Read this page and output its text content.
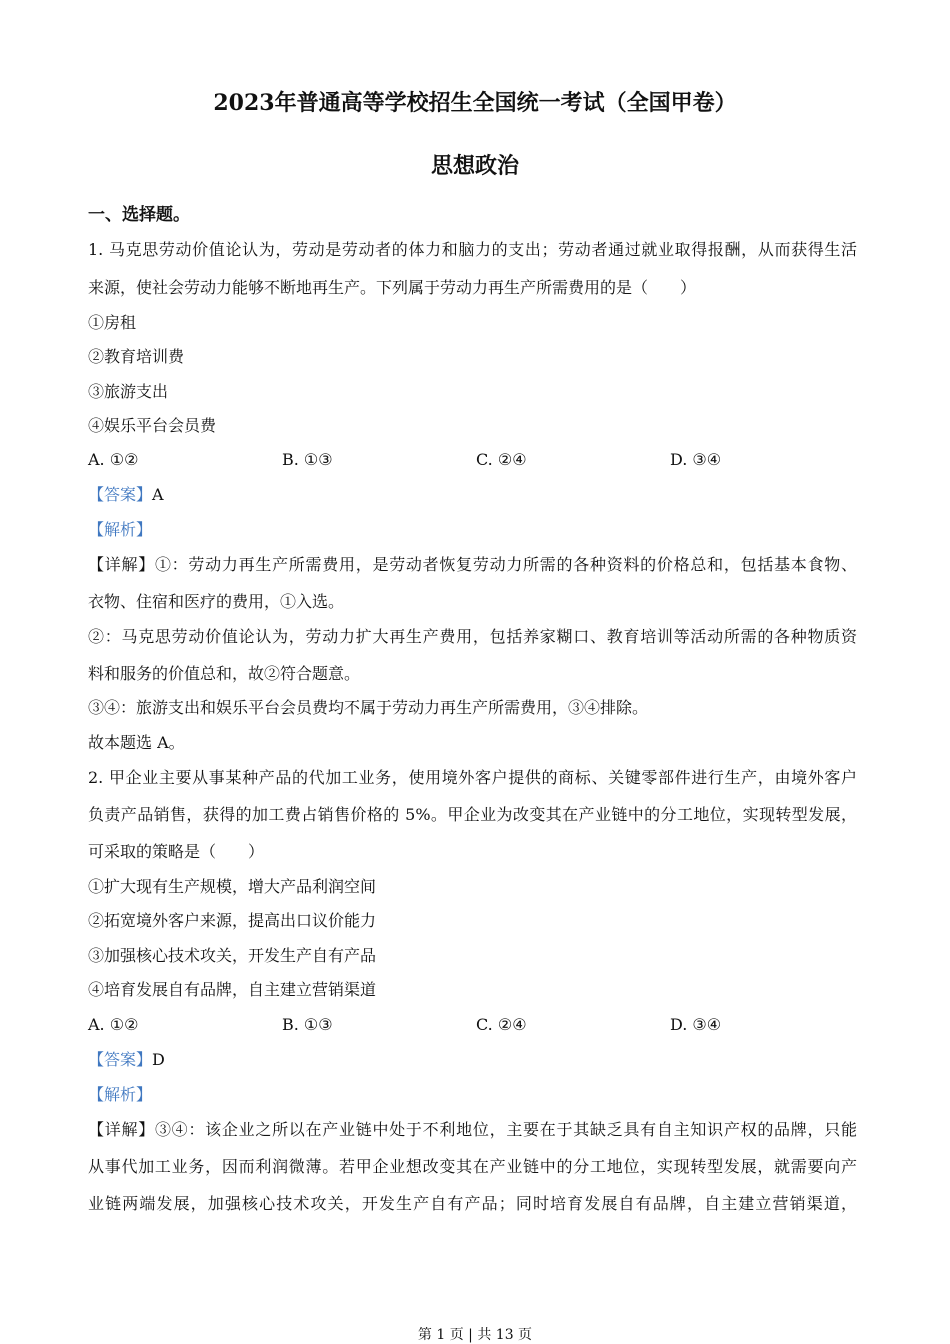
2023年普通高等学校招生全国统一考试（全国甲卷）
思想政治
一、选择题。
1. 马克思劳动价值论认为，劳动是劳动者的体力和脑力的支出；劳动者通过就业取得报酬，从而获得生活
来源，使社会劳动力能够不断地再生产。下列属于劳动力再生产所需费用的是（　　）
①房租
②教育培训费
③旅游支出
④娱乐平台会员费
A. ①②	B. ①③	C. ②④	D. ③④
【答案】A
【解析】
【详解】①：劳动力再生产所需费用，是劳动者恢复劳动力所需的各种资料的价格总和，包括基本食物、
衣物、住宿和医疗的费用，①入选。
②：马克思劳动价值论认为，劳动力扩大再生产费用，包括养家糊口、教育培训等活动所需的各种物质资
料和服务的价值总和，故②符合题意。
③④：旅游支出和娱乐平台会员费均不属于劳动力再生产所需费用，③④排除。
故本题选 A。
2. 甲企业主要从事某种产品的代加工业务，使用境外客户提供的商标、关键零部件进行生产，由境外客户
负责产品销售，获得的加工费占销售价格的 5%。甲企业为改变其在产业链中的分工地位，实现转型发展，
可采取的策略是（　　）
①扩大现有生产规模，增大产品利润空间
②拓宽境外客户来源，提高出口议价能力
③加强核心技术攻关，开发生产自有产品
④培育发展自有品牌，自主建立营销渠道
A. ①②	B. ①③	C. ②④	D. ③④
【答案】D
【解析】
【详解】③④：该企业之所以在产业链中处于不利地位，主要在于其缺乏具有自主知识产权的品牌，只能
从事代加工业务，因而利润微薄。若甲企业想改变其在产业链中的分工地位，实现转型发展，就需要向产
业链两端发展，加强核心技术攻关，开发生产自有产品；同时培育发展自有品牌，自主建立营销渠道，
第 1 页 | 共 13 页
